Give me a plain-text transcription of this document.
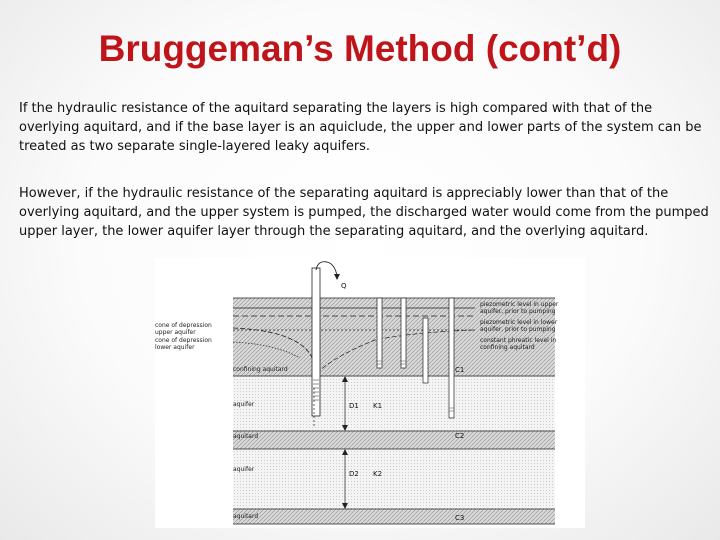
Bruggeman’s Method (cont’d)
If the hydraulic resistance of the aquitard separating the layers is high compared with that of the overlying aquitard, and if the base layer is an aquiclude, the upper and lower parts of the system can be treated as two separate single-layered leaky aquifers.
However, if the hydraulic resistance of the separating aquitard is appreciably lower than that of the overlying aquitard, and the upper system is pumped, the discharged water would come from the pumped upper layer, the lower aquifer layer through the separating aquitard, and the overlying aquitard.
cone of depression
upper aquifer
cone of depression
lower aquifer
confining aquitard
aquifer
aquitard
aquifer
aquitard
piezometric level in upper
aquifer, prior to pumping
piezometric level in lower
aquifer, prior to pumping
constant phreatic level in
confining aquitard
Q
C1
C2
C3
D1 K1
D2 K2
